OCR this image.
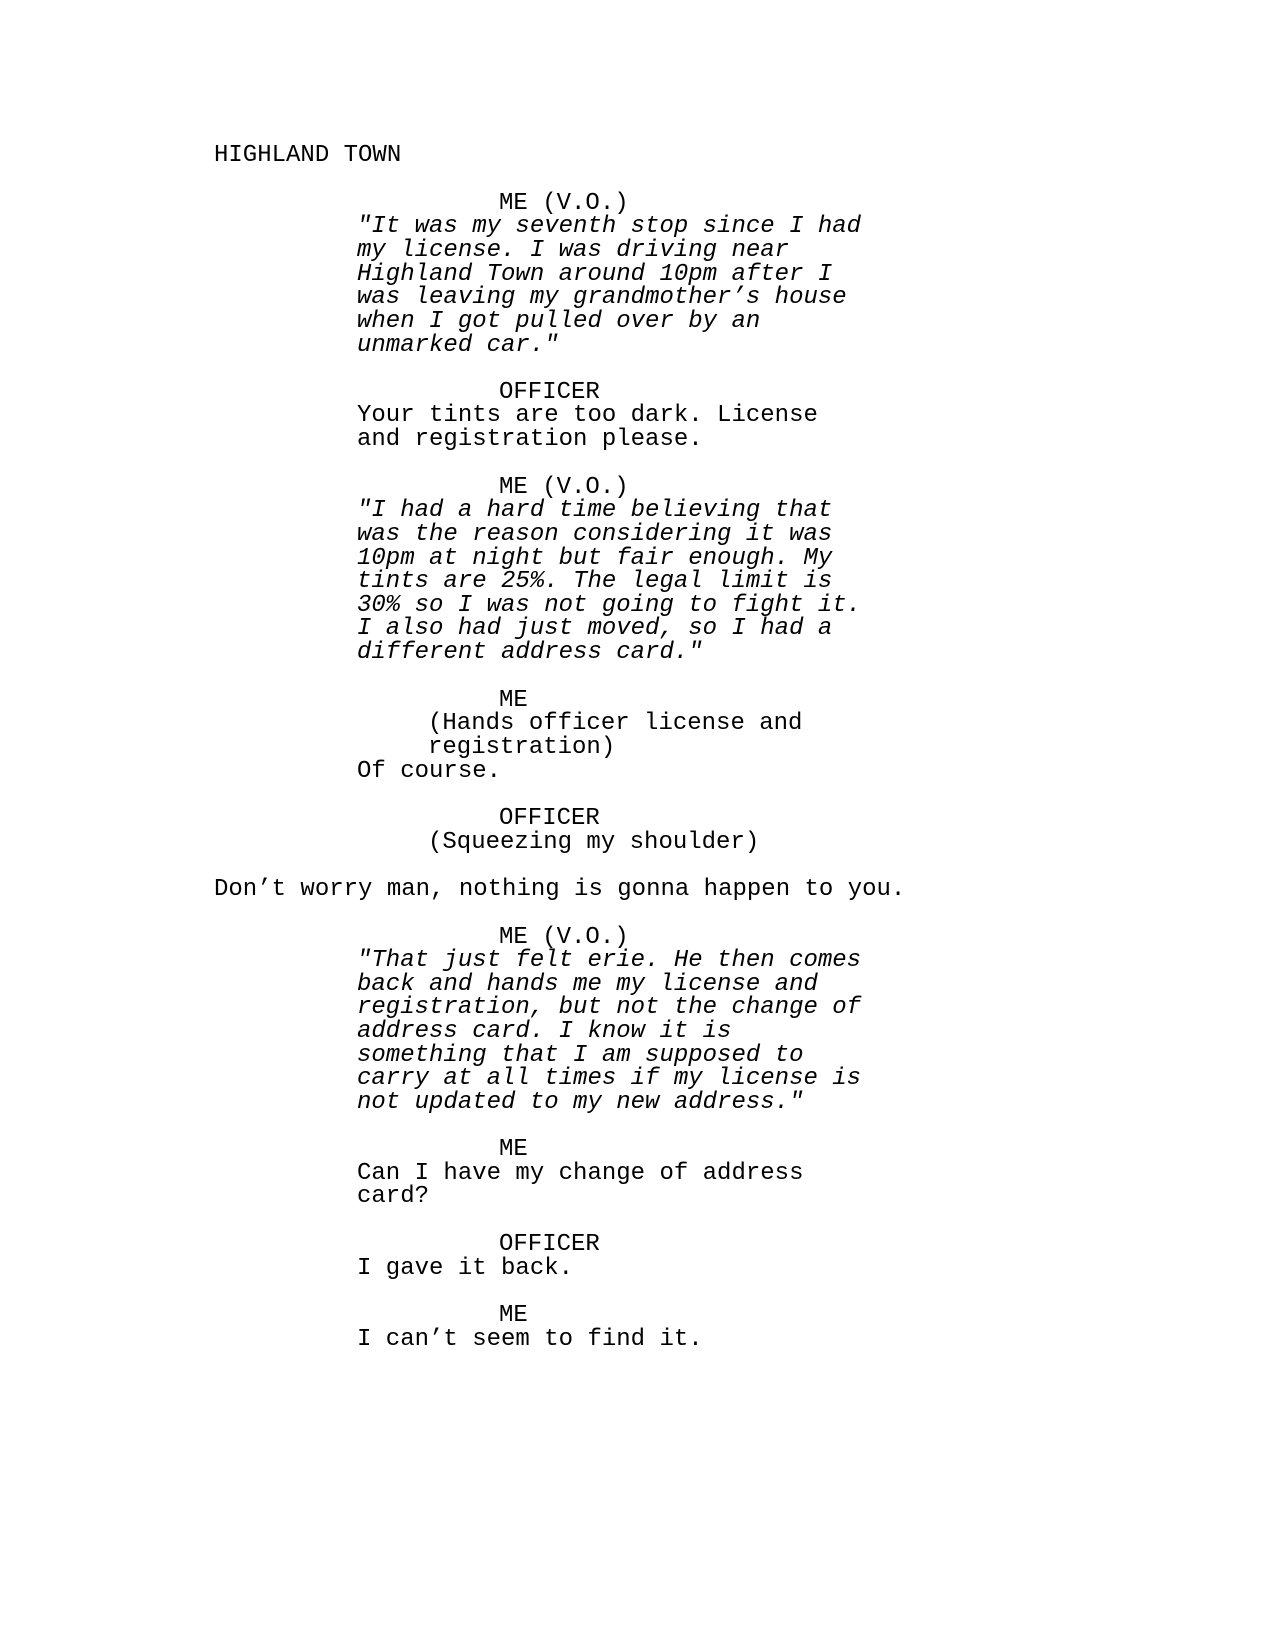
HIGHLAND TOWN

ME (V.O.)

"It was my seventh stop since I had

my license. I was driving near

Highland Town around 10pm after I

was leaving my grandmother’s house

when I got pulled over by an

unmarked car."

OFFICER

Your tints are too dark. License

and registration please.

ME (V.O.)

"I had a hard time believing that

was the reason considering it was

10pm at night but fair enough. My

tints are 25%. The legal limit is

30% so I was not going to fight it.

I also had just moved, so I had a

different address card."

ME

(Hands officer license and

registration)

Of course.

OFFICER

(Squeezing my shoulder)

Don’t worry man, nothing is gonna happen to you.

ME (V.O.)

"That just felt erie. He then comes

back and hands me my license and

registration, but not the change of

address card. I know it is

something that I am supposed to

carry at all times if my license is

not updated to my new address."

ME

Can I have my change of address

card?

OFFICER

I gave it back.

ME

I can’t seem to find it.
